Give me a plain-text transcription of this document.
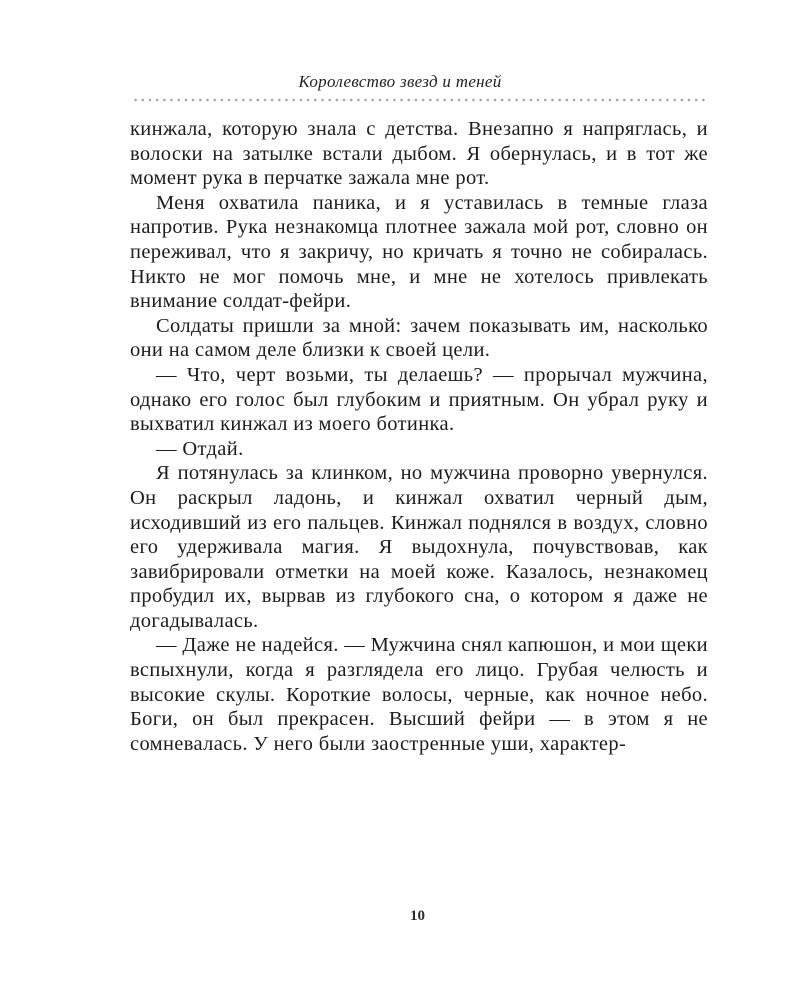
Королевство звезд и теней

кинжала, которую знала с детства. Внезапно я напряглась, и волоски на затылке встали дыбом. Я обернулась, и в тот же момент рука в перчатке зажала мне рот.

Меня охватила паника, и я уставилась в темные глаза напротив. Рука незнакомца плотнее зажала мой рот, словно он переживал, что я закричу, но кричать я точно не собиралась. Никто не мог помочь мне, и мне не хотелось привлекать внимание солдат-фейри.

Солдаты пришли за мной: зачем показывать им, насколько они на самом деле близки к своей цели.

— Что, черт возьми, ты делаешь? — прорычал мужчина, однако его голос был глубоким и приятным. Он убрал руку и выхватил кинжал из моего ботинка.

— Отдай.

Я потянулась за клинком, но мужчина проворно увернулся. Он раскрыл ладонь, и кинжал охватил черный дым, исходивший из его пальцев. Кинжал поднялся в воздух, словно его удерживала магия. Я выдохнула, почувствовав, как завибрировали отметки на моей коже. Казалось, незнакомец пробудил их, вырвав из глубокого сна, о котором я даже не догадывалась.

— Даже не надейся. — Мужчина снял капюшон, и мои щеки вспыхнули, когда я разглядела его лицо. Грубая челюсть и высокие скулы. Короткие волосы, черные, как ночное небо. Боги, он был прекрасен. Высший фейри — в этом я не сомневалась. У него были заостренные уши, характер-

10
